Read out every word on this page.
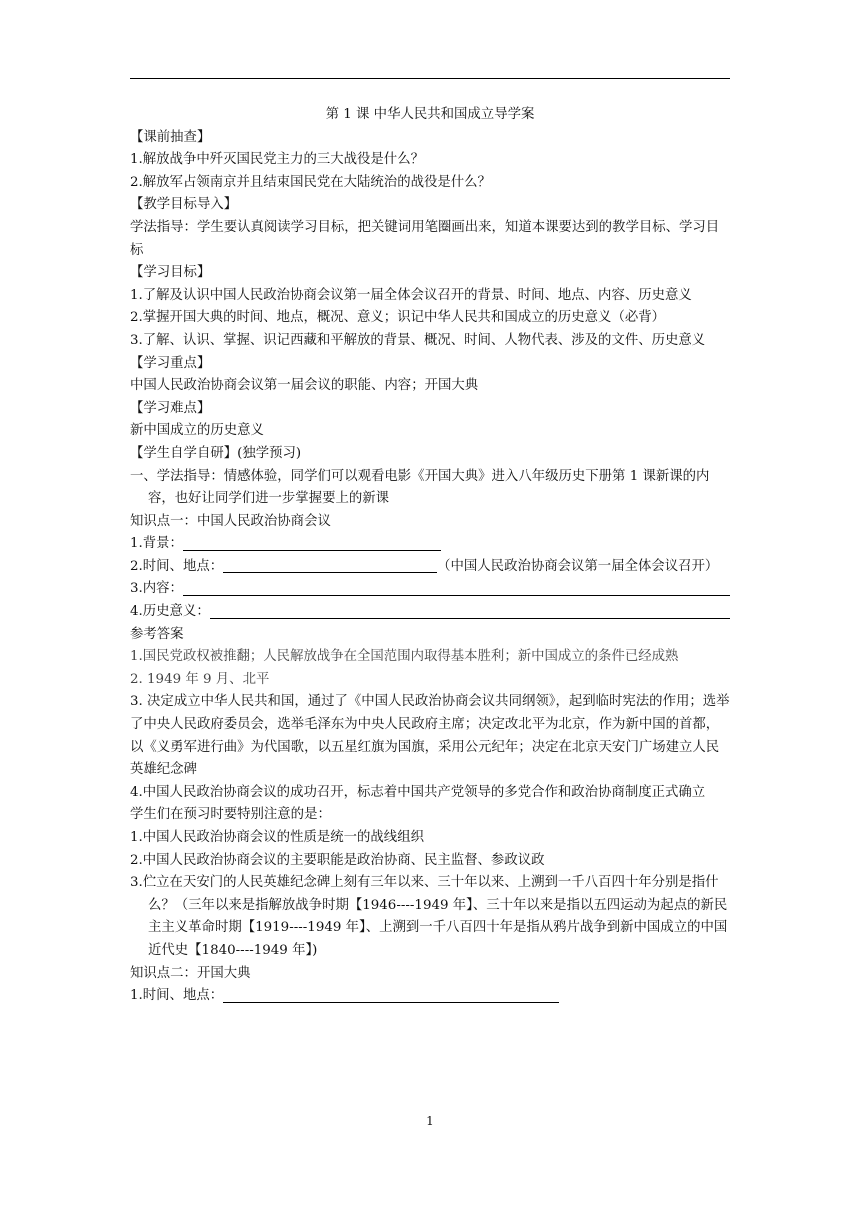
第 1 课 中华人民共和国成立导学案
【课前抽查】
1.解放战争中歼灭国民党主力的三大战役是什么？
2.解放军占领南京并且结束国民党在大陆统治的战役是什么？
【教学目标导入】
学法指导：学生要认真阅读学习目标，把关键词用笔圈画出来，知道本课要达到的教学目标、学习目标
【学习目标】
1.了解及认识中国人民政治协商会议第一届全体会议召开的背景、时间、地点、内容、历史意义
2.掌握开国大典的时间、地点，概况、意义；识记中华人民共和国成立的历史意义（必背）
3.了解、认识、掌握、识记西藏和平解放的背景、概况、时间、人物代表、涉及的文件、历史意义
【学习重点】
中国人民政治协商会议第一届会议的职能、内容；开国大典
【学习难点】
新中国成立的历史意义
【学生自学自研】(独学预习)
一、学法指导：情感体验，同学们可以观看电影《开国大典》进入八年级历史下册第 1 课新课的内容，也好让同学们进一步掌握要上的新课
知识点一：中国人民政治协商会议
1.背景：
2.时间、地点：	（中国人民政治协商会议第一届全体会议召开）
3.内容：
4.历史意义：
参考答案
1.国民党政权被推翻；人民解放战争在全国范围内取得基本胜利；新中国成立的条件已经成熟
2. 1949 年 9 月、北平
3. 决定成立中华人民共和国，通过了《中国人民政治协商会议共同纲领》，起到临时宪法的作用；选举了中央人民政府委员会，选举毛泽东为中央人民政府主席；决定改北平为北京，作为新中国的首都，以《义勇军进行曲》为代国歌，以五星红旗为国旗，采用公元纪年；决定在北京天安门广场建立人民英雄纪念碑
4.中国人民政治协商会议的成功召开，标志着中国共产党领导的多党合作和政治协商制度正式确立
学生们在预习时要特别注意的是：
1.中国人民政治协商会议的性质是统一的战线组织
2.中国人民政治协商会议的主要职能是政治协商、民主监督、参政议政
3.伫立在天安门的人民英雄纪念碑上刻有三年以来、三十年以来、上溯到一千八百四十年分别是指什么？（三年以来是指解放战争时期【1946----1949 年】、三十年以来是指以五四运动为起点的新民主主义革命时期【1919----1949 年】、上溯到一千八百四十年是指从鸦片战争到新中国成立的中国近代史【1840----1949 年】)
知识点二：开国大典
1.时间、地点：
1
